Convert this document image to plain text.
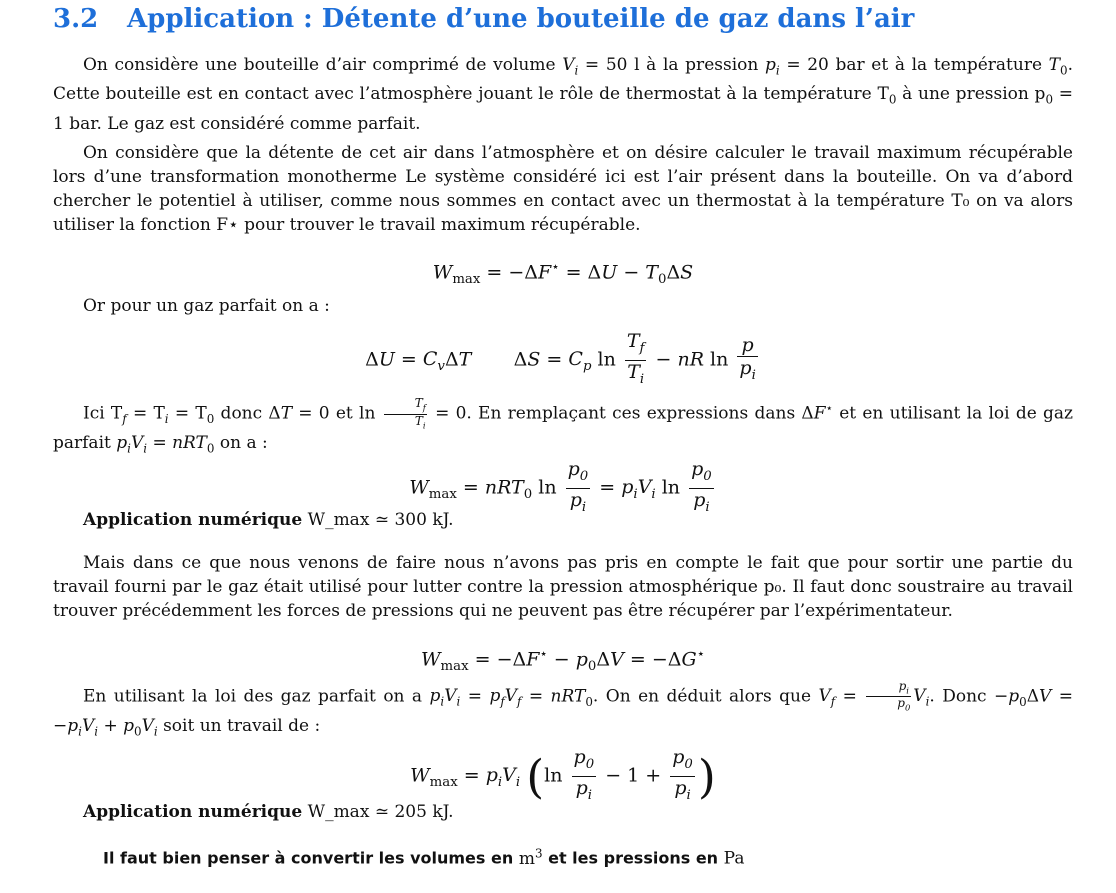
3.2 Application : Détente d’une bouteille de gaz dans l’air

On considère une bouteille d’air comprimé de volume $V_i = 50$ l à la pression $p_i = 20$ bar et à la température $T_0$. Cette bouteille est en contact avec l’atmosphère jouant le rôle de thermostat à la température $T_0$ à une pression $p_0 = 1$ bar. Le gaz est considéré comme parfait.

On considère que la détente de cet air dans l’atmosphère et on désire calculer le travail maximum récupérable lors d’une transformation monotherme Le système considéré ici est l’air présent dans la bouteille. On va d’abord chercher le potentiel à utiliser, comme nous sommes en contact avec un thermostat à la température T₀ on va alors utiliser la fonction F⋆ pour trouver le travail maximum récupérable.

$W_{max} = -\Delta F^⋆ = \Delta U - T_0\Delta S$

Or pour un gaz parfait on a :

$\Delta U = C_v\Delta T$       $\Delta S = C_p$ $\ln \frac{T_f}{T_i}$ − nR $\ln \frac{p}{p_i}$

Ici $T_f = T_i = T_0$ donc ΔT = 0 et $\ln \frac{T_f}{T_i} = 0$. En remplaçant ces expressions dans ΔF⋆ et en utilisant la loi de gaz parfait $p_iV_i = nRT_0$ on a :

$W_{max} = nRT_0$ $\ln \frac{p_0}{p_i} = p_iV_i$ $\ln \frac{p_0}{p_i}$
Application numérique W_max ≃ 300 kJ.

Mais dans ce que nous venons de faire nous n’avons pas pris en compte le fait que pour sortir une partie du travail fourni par le gaz était utilisé pour lutter contre la pression atmosphérique p₀. Il faut donc soustraire au travail trouver précédemment les forces de pressions qui ne peuvent pas être récupérer par l’expérimentateur.

$W_{max} = -\Delta F^⋆ - p_0\Delta V = -\Delta G^⋆$

En utilisant la loi des gaz parfait on a $p_iV_i = p_fV_f = nRT_0$. On en déduit alors que $V_f = \frac{p_i}{p_0} V_i$. Donc $-p_0\Delta V = -p_iV_i + p_0V_i$ soit un travail de :

$W_{max} = p_iV_i$ ($\ln \frac{p_0}{p_i} - 1 + \frac{p_0}{p_i}$ )
Application numérique W_max ≃ 205 kJ.
Il faut bien penser à convertir les volumes en $m^3$ et les pressions en Pa
